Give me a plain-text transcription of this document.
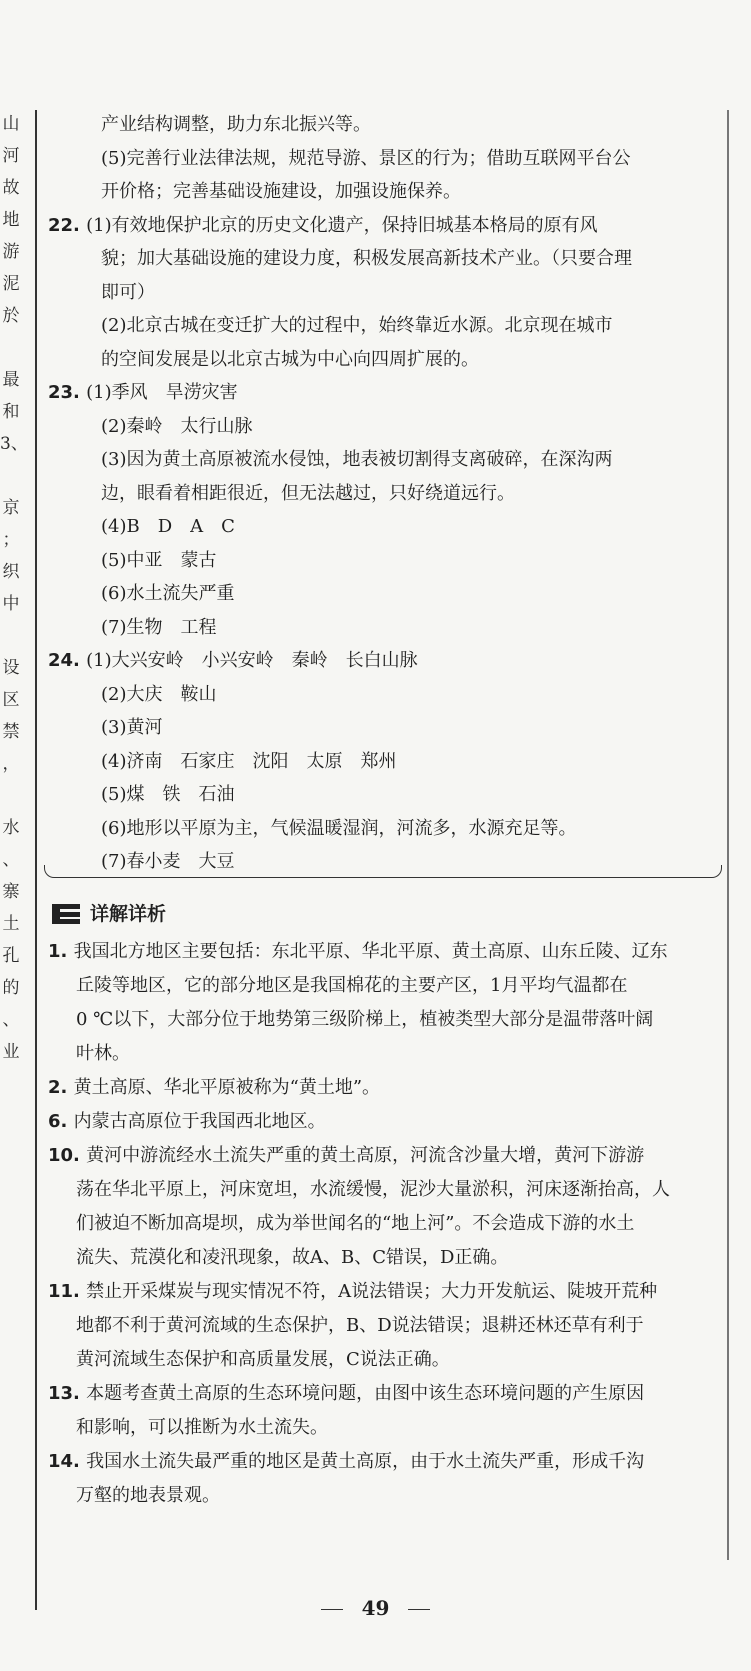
山
河
故
地
游
泥
於
最
和
3、
京
；
织
中
设
区
禁
，
水
、
寨
土
孔
的
、
业
产业结构调整，助力东北振兴等。
(5)完善行业法律法规，规范导游、景区的行为；借助互联网平台公
开价格；完善基础设施建设，加强设施保养。
22. (1)有效地保护北京的历史文化遗产，保持旧城基本格局的原有风
貌；加大基础设施的建设力度，积极发展高新技术产业。（只要合理
即可）
(2)北京古城在变迁扩大的过程中，始终靠近水源。北京现在城市
的空间发展是以北京古城为中心向四周扩展的。
23. (1)季风　旱涝灾害
(2)秦岭　太行山脉
(3)因为黄土高原被流水侵蚀，地表被切割得支离破碎，在深沟两
边，眼看着相距很近，但无法越过，只好绕道远行。
(4)B　D　A　C
(5)中亚　蒙古
(6)水土流失严重
(7)生物　工程
24. (1)大兴安岭　小兴安岭　秦岭　长白山脉
(2)大庆　鞍山
(3)黄河
(4)济南　石家庄　沈阳　太原　郑州
(5)煤　铁　石油
(6)地形以平原为主，气候温暖湿润，河流多，水源充足等。
(7)春小麦　大豆
详解详析
1. 我国北方地区主要包括：东北平原、华北平原、黄土高原、山东丘陵、辽东
丘陵等地区，它的部分地区是我国棉花的主要产区，1月平均气温都在
0 ℃以下，大部分位于地势第三级阶梯上，植被类型大部分是温带落叶阔
叶林。
2. 黄土高原、华北平原被称为“黄土地”。
6. 内蒙古高原位于我国西北地区。
10. 黄河中游流经水土流失严重的黄土高原，河流含沙量大增，黄河下游游
荡在华北平原上，河床宽坦，水流缓慢，泥沙大量淤积，河床逐渐抬高，人
们被迫不断加高堤坝，成为举世闻名的“地上河”。不会造成下游的水土
流失、荒漠化和凌汛现象，故A、B、C错误，D正确。
11. 禁止开采煤炭与现实情况不符，A说法错误；大力开发航运、陡坡开荒种
地都不利于黄河流域的生态保护，B、D说法错误；退耕还林还草有利于
黄河流域生态保护和高质量发展，C说法正确。
13. 本题考查黄土高原的生态环境问题，由图中该生态环境问题的产生原因
和影响，可以推断为水土流失。
14. 我国水土流失最严重的地区是黄土高原，由于水土流失严重，形成千沟
万壑的地表景观。
49
